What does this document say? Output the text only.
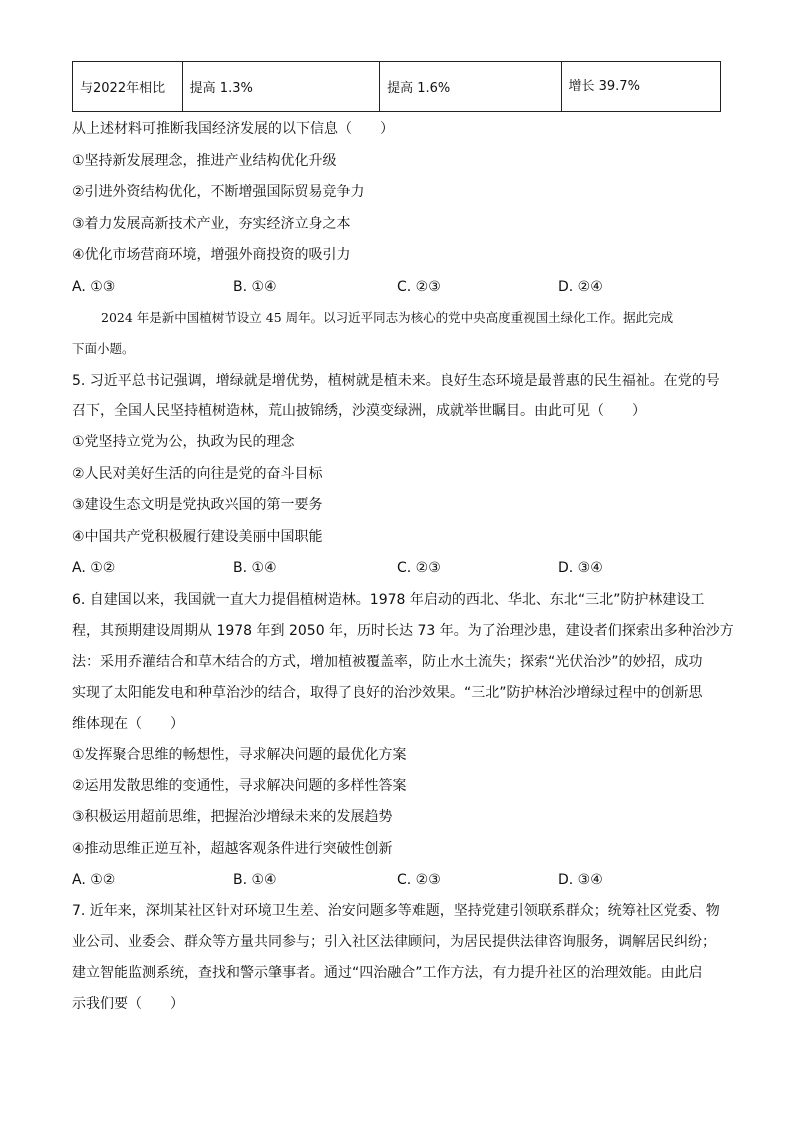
与2022年相比	提高 1.3%	提高 1.6%	增长 39.7%
从上述材料可推断我国经济发展的以下信息（　　）
①坚持新发展理念，推进产业结构优化升级
②引进外资结构优化，不断增强国际贸易竞争力
③着力发展高新技术产业，夯实经济立身之本
④优化市场营商环境，增强外商投资的吸引力
A. ①③	B. ①④	C. ②③	D. ②④
2024 年是新中国植树节设立 45 周年。以习近平同志为核心的党中央高度重视国土绿化工作。据此完成
下面小题。
5. 习近平总书记强调，增绿就是增优势，植树就是植未来。良好生态环境是最普惠的民生福祉。在党的号
召下，全国人民坚持植树造林，荒山披锦绣，沙漠变绿洲，成就举世瞩目。由此可见（　　）
①党坚持立党为公，执政为民的理念
②人民对美好生活的向往是党的奋斗目标
③建设生态文明是党执政兴国的第一要务
④中国共产党积极履行建设美丽中国职能
A. ①②	B. ①④	C. ②③	D. ③④
6. 自建国以来，我国就一直大力提倡植树造林。1978 年启动的西北、华北、东北“三北”防护林建设工
程，其预期建设周期从 1978 年到 2050 年，历时长达 73 年。为了治理沙患，建设者们探索出多种治沙方
法：采用乔灌结合和草木结合的方式，增加植被覆盖率，防止水土流失；探索“光伏治沙”的妙招，成功
实现了太阳能发电和种草治沙的结合，取得了良好的治沙效果。“三北”防护林治沙增绿过程中的创新思
维体现在（　　）
①发挥聚合思维的畅想性，寻求解决问题的最优化方案
②运用发散思维的变通性，寻求解决问题的多样性答案
③积极运用超前思维，把握治沙增绿未来的发展趋势
④推动思维正逆互补，超越客观条件进行突破性创新
A. ①②	B. ①④	C. ②③	D. ③④
7. 近年来，深圳某社区针对环境卫生差、治安问题多等难题，坚持党建引领联系群众；统筹社区党委、物
业公司、业委会、群众等方量共同参与；引入社区法律顾问，为居民提供法律咨询服务，调解居民纠纷；
建立智能监测系统，查找和警示肇事者。通过“四治融合”工作方法，有力提升社区的治理效能。由此启
示我们要（　　）
